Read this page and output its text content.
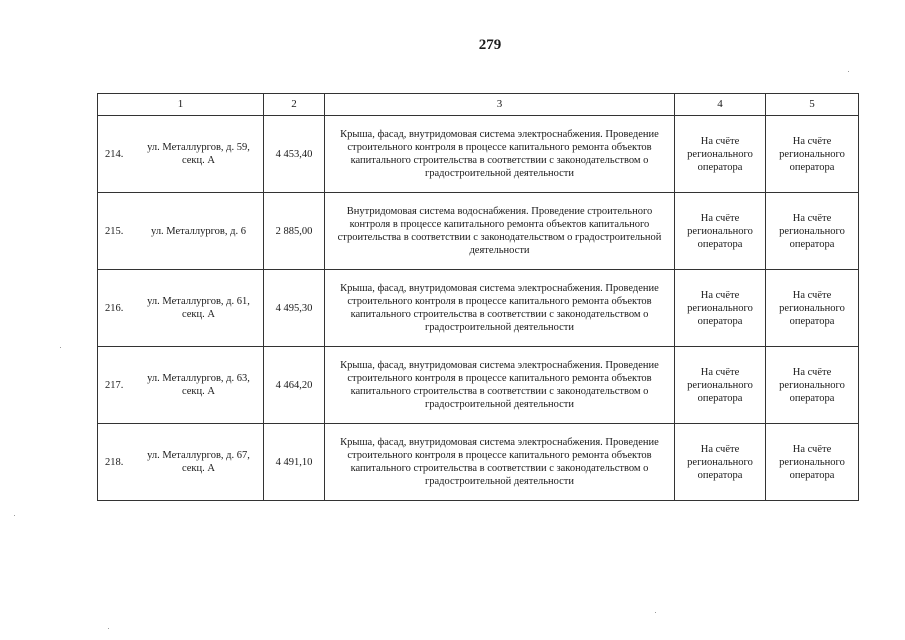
279
1	2	3	4	5

214.
ул. Металлургов, д. 59, секц. А	4 453,40	Крыша, фасад, внутридомовая система электроснабжения. Проведение строительного контроля в процессе капитального ремонта объектов капитального строительства в соответствии с законодательством о градостроительной деятельности	На счёте регионального оператора	На счёте регионального оператора

215. ул. Металлургов, д. 6	2 885,00	Внутридомовая система водоснабжения. Проведение строительного контроля в процессе капитального ремонта объектов капитального строительства в соответствии с законодательством о градостроительной деятельности	На счёте регионального оператора	На счёте регионального оператора

216.
ул. Металлургов, д. 61, секц. А	4 495,30	Крыша, фасад, внутридомовая система электроснабжения. Проведение строительного контроля в процессе капитального ремонта объектов капитального строительства в соответствии с законодательством о градостроительной деятельности	На счёте регионального оператора	На счёте регионального оператора

217.
ул. Металлургов, д. 63, секц. А	4 464,20	Крыша, фасад, внутридомовая система электроснабжения. Проведение строительного контроля в процессе капитального ремонта объектов капитального строительства в соответствии с законодательством о градостроительной деятельности	На счёте регионального оператора	На счёте регионального оператора

218.
ул. Металлургов, д. 67, секц. А	4 491,10	Крыша, фасад, внутридомовая система электроснабжения. Проведение строительного контроля в процессе капитального ремонта объектов капитального строительства в соответствии с законодательством о градостроительной деятельности	На счёте регионального оператора	На счёте регионального оператора
